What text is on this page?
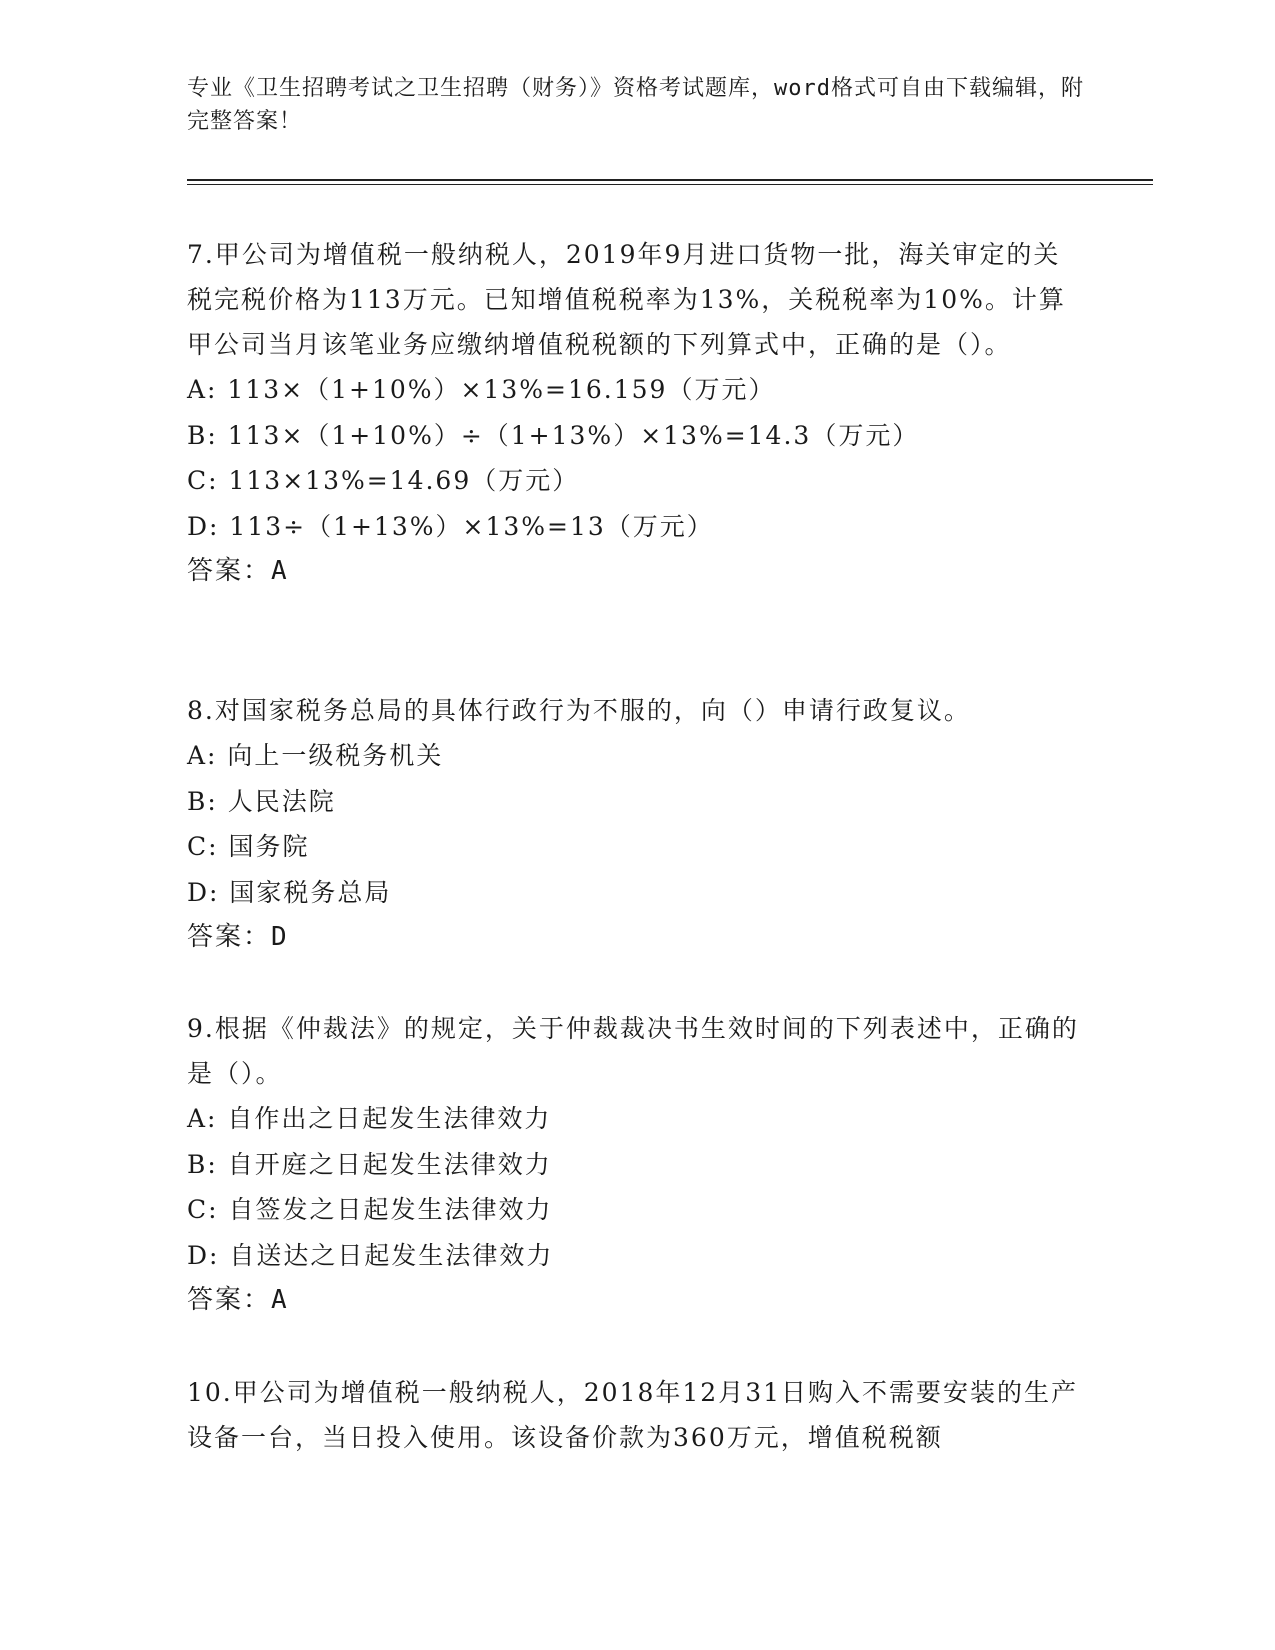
专业《卫生招聘考试之卫生招聘（财务）》资格考试题库，word格式可自由下载编辑，附完整答案！

7.甲公司为增值税一般纳税人，2019年9月进口货物一批，海关审定的关税完税价格为113万元。已知增值税税率为13%，关税税率为10%。计算甲公司当月该笔业务应缴纳增值税税额的下列算式中，正确的是（）。

A: 113×（1+10%）×13%=16.159（万元）
B: 113×（1+10%）÷（1+13%）×13%=14.3（万元）
C: 113×13%=14.69（万元）
D: 113÷（1+13%）×13%=13（万元）
答案：A

8.对国家税务总局的具体行政行为不服的，向（）申请行政复议。

A: 向上一级税务机关
B: 人民法院
C: 国务院
D: 国家税务总局
答案：D

9.根据《仲裁法》的规定，关于仲裁裁决书生效时间的下列表述中，正确的是（）。

A: 自作出之日起发生法律效力
B: 自开庭之日起发生法律效力
C: 自签发之日起发生法律效力
D: 自送达之日起发生法律效力
答案：A

10.甲公司为增值税一般纳税人，2018年12月31日购入不需要安装的生产设备一台，当日投入使用。该设备价款为360万元，增值税税额
